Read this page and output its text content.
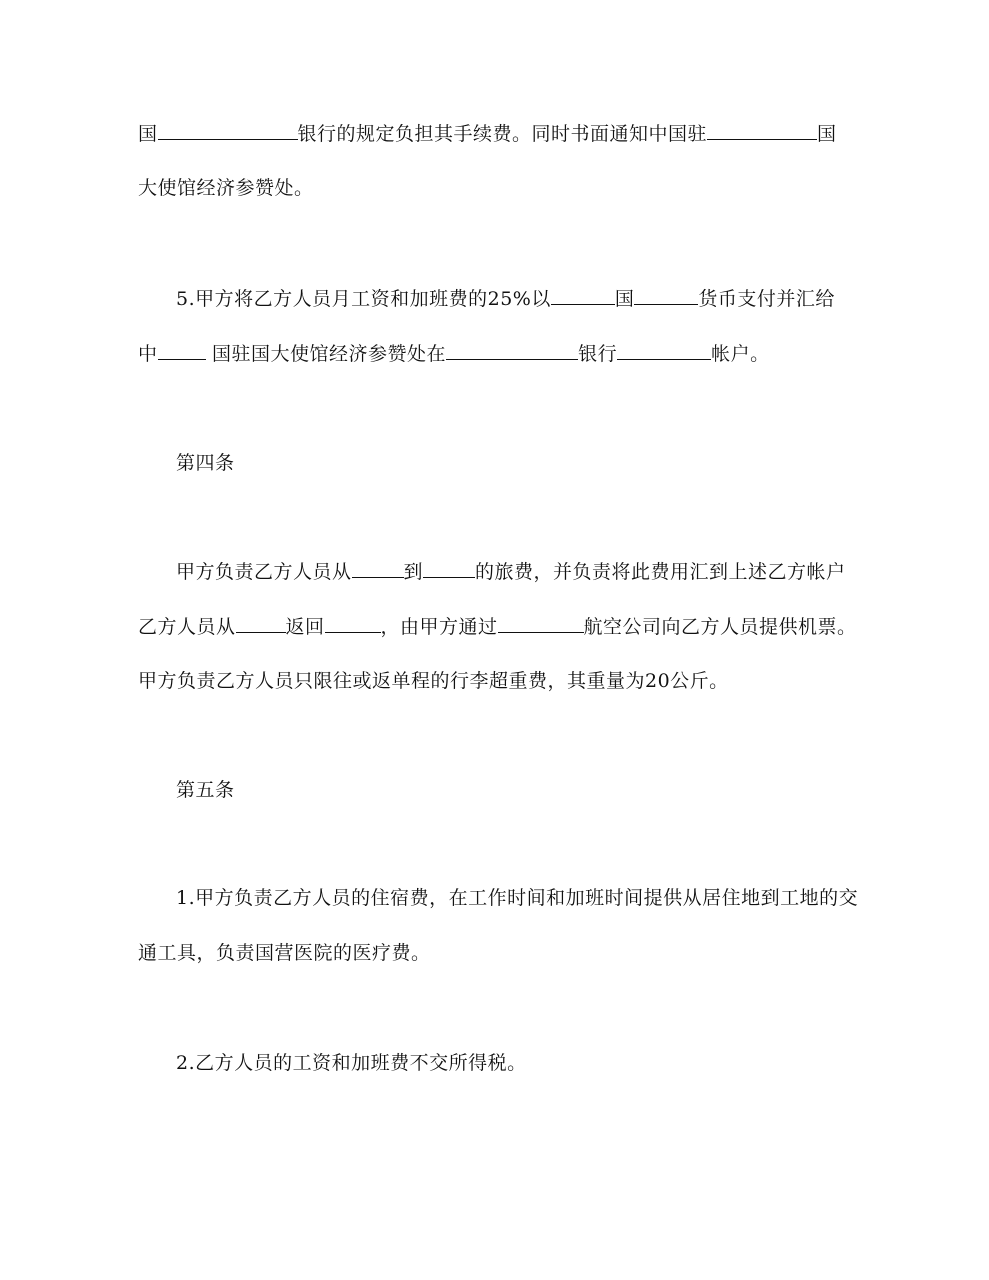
国	银行的规定负担其手续费。同时书面通知中国驻	国
大使馆经济参赞处。
5.甲方将乙方人员月工资和加班费的25%以	国	货币支付并汇给
中	国驻国大使馆经济参赞处在	银行	帐户。
第四条
甲方负责乙方人员从	到	的旅费，并负责将此费用汇到上述乙方帐户
乙方人员从	返回	，由甲方通过	航空公司向乙方人员提供机票。
甲方负责乙方人员只限往或返单程的行李超重费，其重量为20公斤。
第五条
1.甲方负责乙方人员的住宿费，在工作时间和加班时间提供从居住地到工地的交
通工具，负责国营医院的医疗费。
2.乙方人员的工资和加班费不交所得税。
